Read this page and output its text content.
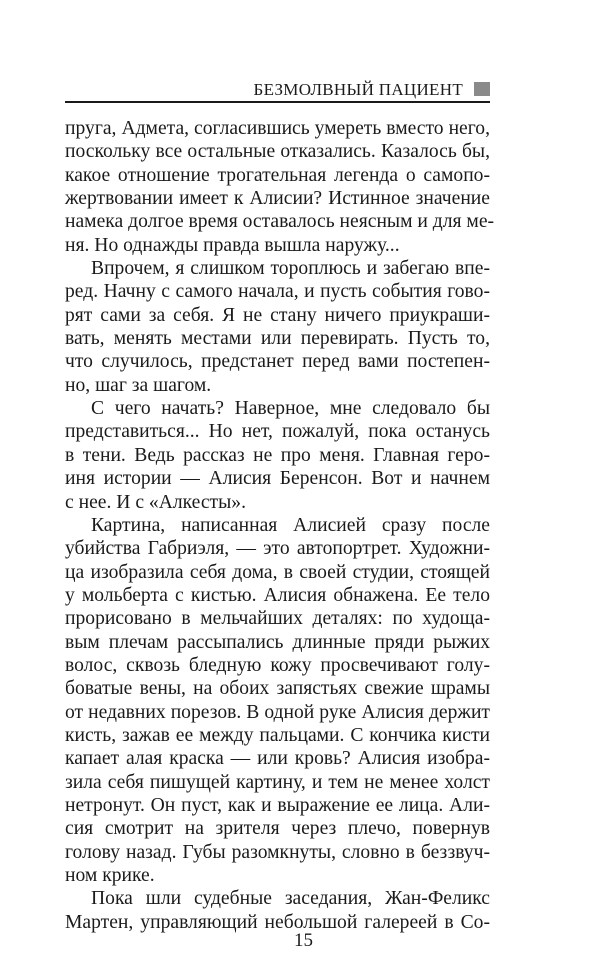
БЕЗМОЛВНЫЙ ПАЦИЕНТ
пруга, Адмета, согласившись умереть вместо него,
поскольку все остальные отказались. Казалось бы,
какое отношение трогательная легенда о самопо-
жертвовании имеет к Алисии? Истинное значение
намека долгое время оставалось неясным и для ме-
ня. Но однажды правда вышла наружу...
Впрочем, я слишком тороплюсь и забегаю впе-
ред. Начну с самого начала, и пусть события гово-
рят сами за себя. Я не стану ничего приукраши-
вать, менять местами или перевирать. Пусть то,
что случилось, предстанет перед вами постепен-
но, шаг за шагом.
С чего начать? Наверное, мне следовало бы
представиться... Но нет, пожалуй, пока останусь
в тени. Ведь рассказ не про меня. Главная геро-
иня истории — Алисия Беренсон. Вот и начнем
с нее. И с «Алкесты».
Картина, написанная Алисией сразу после
убийства Габриэля, — это автопортрет. Художни-
ца изобразила себя дома, в своей студии, стоящей
у мольберта с кистью. Алисия обнажена. Ее тело
прорисовано в мельчайших деталях: по худоща-
вым плечам рассыпались длинные пряди рыжих
волос, сквозь бледную кожу просвечивают голу-
боватые вены, на обоих запястьях свежие шрамы
от недавних порезов. В одной руке Алисия держит
кисть, зажав ее между пальцами. С кончика кисти
капает алая краска — или кровь? Алисия изобра-
зила себя пишущей картину, и тем не менее холст
нетронут. Он пуст, как и выражение ее лица. Али-
сия смотрит на зрителя через плечо, повернув
голову назад. Губы разомкнуты, словно в беззвуч-
ном крике.
Пока шли судебные заседания, Жан-Феликс
Мартен, управляющий небольшой галереей в Со-
15
